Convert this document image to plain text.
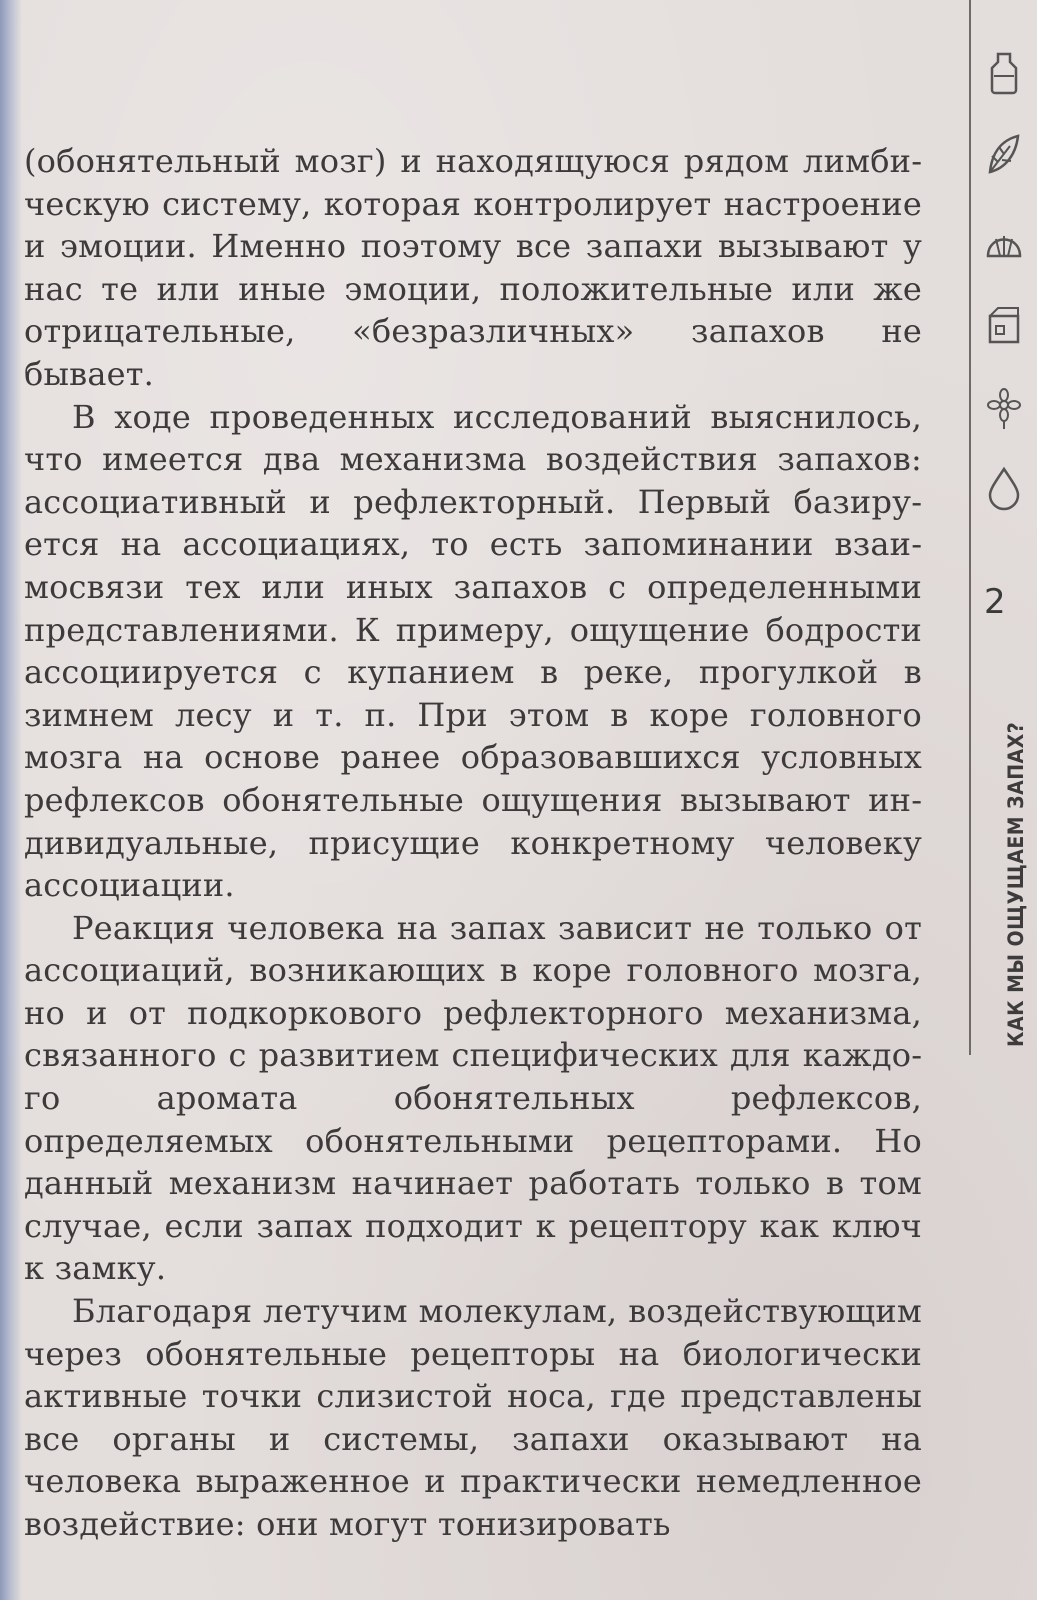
(обонятельный мозг) и находящуюся рядом лимбическую систему, которая контролирует настроение и эмоции. Именно поэтому все запахи вызывают у нас те или иные эмоции, положительные или же отрицательные, «безразличных» запахов не бывает.

В ходе проведенных исследований выяснилось, что имеется два механизма воздействия запахов: ассоциативный и рефлекторный. Первый базируется на ассоциациях, то есть запоминании взаимосвязи тех или иных запахов с определенными представлениями. К примеру, ощущение бодрости ассоциируется с купанием в реке, прогулкой в зимнем лесу и т. п. При этом в коре головного мозга на основе ранее образовавшихся условных рефлексов обонятельные ощущения вызывают индивидуальные, присущие конкретному человеку ассоциации.

Реакция человека на запах зависит не только от ассоциаций, возникающих в коре головного мозга, но и от подкоркового рефлекторного механизма, связанного с развитием специфических для каждого аромата обонятельных рефлексов, определяемых обонятельными рецепторами. Но данный механизм начинает работать только в том случае, если запах подходит к рецептору как ключ к замку.

Благодаря летучим молекулам, воздействующим через обонятельные рецепторы на биологически активные точки слизистой носа, где представлены все органы и системы, запахи оказывают на человека выраженное и практически немедленное воздействие: они могут тонизировать

2
КАК МЫ ОЩУЩАЕМ ЗАПАХ?
